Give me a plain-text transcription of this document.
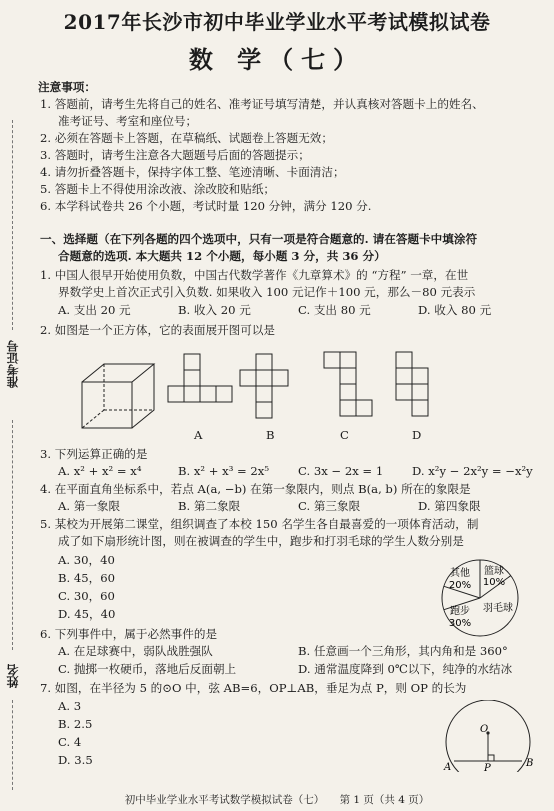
准考证号
姓名
2017年长沙市初中毕业学业水平考试模拟试卷
数 学（七）
注意事项：
1. 答题前，请考生先将自己的姓名、准考证号填写清楚，并认真核对答题卡上的姓名、
准考证号、考室和座位号；
2. 必须在答题卡上答题，在草稿纸、试题卷上答题无效；
3. 答题时，请考生注意各大题题号后面的答题提示；
4. 请勿折叠答题卡，保持字体工整、笔迹清晰、卡面清洁；
5. 答题卡上不得使用涂改液、涂改胶和贴纸；
6. 本学科试卷共 26 个小题，考试时量 120 分钟，满分 120 分.
一、选择题（在下列各题的四个选项中，只有一项是符合题意的. 请在答题卡中填涂符
合题意的选项. 本大题共 12 个小题，每小题 3 分，共 36 分）
1. 中国人很早开始使用负数，中国古代数学著作《九章算术》的 “方程” 一章，在世
界数学史上首次正式引入负数. 如果收入 100 元记作＋100 元，那么－80 元表示
A. 支出 20 元	B. 收入 20 元	C. 支出 80 元	D. 收入 80 元
2. 如图是一个正方体，它的表面展开图可以是
A	B	C	D
3. 下列运算正确的是
A. x² + x² = x⁴	B. x² + x³ = 2x⁵	C. 3x − 2x = 1 D. x²y − 2x²y = −x²y
4. 在平面直角坐标系中，若点 A(a, −b) 在第一象限内，则点 B(a, b) 所在的象限是
A. 第一象限	B. 第二象限	C. 第三象限	D. 第四象限
5. 某校为开展第二课堂，组织调查了本校 150 名学生各自最喜爱的一项体育活动，制
成了如下扇形统计图，则在被调查的学生中，跑步和打羽毛球的学生人数分别是
A. 30，40
B. 45，60
C. 30，60
D. 45，40
其他
20%
篮球
10%
跑步
30%
羽毛球
6. 下列事件中，属于必然事件的是
A. 在足球赛中，弱队战胜强队	B. 任意画一个三角形，其内角和是 360°
C. 抛掷一枚硬币，落地后反面朝上	D. 通常温度降到 0℃以下，纯净的水结冰
7. 如图，在半径为 5 的⊙O 中，弦 AB=6，OP⊥AB，垂足为点 P，则 OP 的长为
A. 3
B. 2.5
C. 4
D. 3.5
O
A	P	B
初中毕业学业水平考试数学模拟试卷（七） 第 1 页（共 4 页）
